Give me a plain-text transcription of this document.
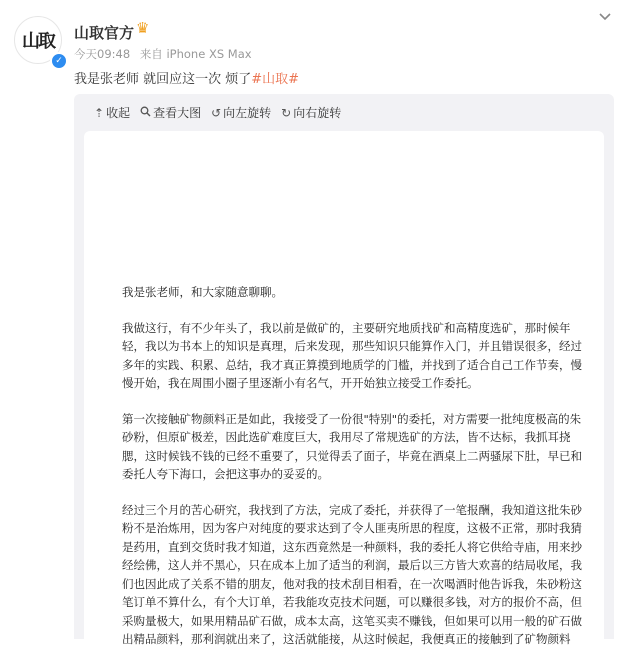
山取
✓
山取官方 ♛
今天09:48 来自 iPhone XS Max
我是张老师 就回应这一次 烦了#山取#
⇡ 收起 查看大图 ↺ 向左旋转 ↻ 向右旋转

我是张老师，和大家随意聊聊。

我做这行，有不少年头了，我以前是做矿的，主要研究地质找矿和高精度选矿，那时候年轻，我以为书本上的知识是真理，后来发现，那些知识只能算作入门，并且错误很多，经过多年的实践、积累、总结，我才真正算摸到地质学的门槛，并找到了适合自己工作节奏，慢慢开始，我在周围小圈子里逐渐小有名气，开开始独立接受工作委托。

第一次接触矿物颜料正是如此，我接受了一份很"特别"的委托，对方需要一批纯度极高的朱砂粉，但原矿极差，因此选矿难度巨大，我用尽了常规选矿的方法，皆不达标，我抓耳挠腮，这时候钱不钱的已经不重要了，只觉得丢了面子，毕竟在酒桌上二两骚尿下肚，早已和委托人夸下海口，会把这事办的妥妥的。

经过三个月的苦心研究，我找到了方法，完成了委托，并获得了一笔报酬，我知道这批朱砂粉不是治炼用，因为客户对纯度的要求达到了令人匪夷所思的程度，这极不正常，那时我猜是药用，直到交货时我才知道，这东西竟然是一种颜料，我的委托人将它供给寺庙，用来抄经绘佛，这人并不黑心，只在成本上加了适当的利润，最后以三方皆大欢喜的结局收尾，我们也因此成了关系不错的朋友，他对我的技术刮目相看，在一次喝酒时他告诉我，朱砂粉这笔订单不算什么，有个大订单，若我能攻克技术问题，可以赚很多钱，对方的报价不高，但采购量极大，如果用精品矿石做，成本太高，这笔买卖不赚钱，但如果可以用一般的矿石做出精品颜料，那利润就出来了，这活就能接，从这时候起，我便真正的接触到了矿物颜料
